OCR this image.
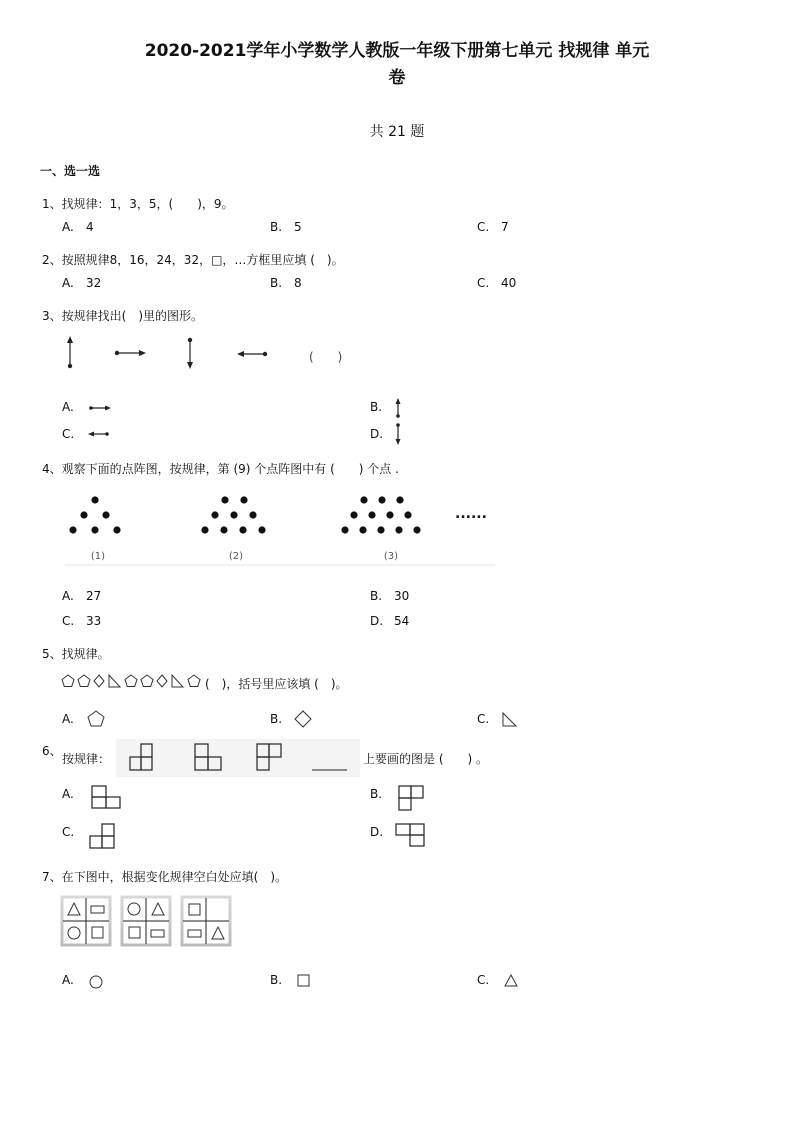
2020-2021学年小学数学人教版一年级下册第七单元 找规律 单元
卷
共 21 题
一、选一选
1、找规律：1，3，5，(　　)，9。
A. 4	B. 5	C. 7
2、按照规律8，16，24，32，□，…方框里应填 (　)。
A. 32	B. 8	C. 40
3、按规律找出(　)里的图形。
(　　)
A.	B.
C.	D.
4、观察下面的点阵图，按规律，第 (9) 个点阵图中有 (　　) 个点 .
(1)	(2)	(3)
......
A. 27	B. 30
C. 33	D. 54
5、找规律。
(　)，括号里应该填 (　)。
A.	B.	C.
6、
按规律：	上要画的图是 (　　) 。
A.	B.
C.	D.
7、在下图中，根据变化规律空白处应填(　)。
A.	B.	C.
